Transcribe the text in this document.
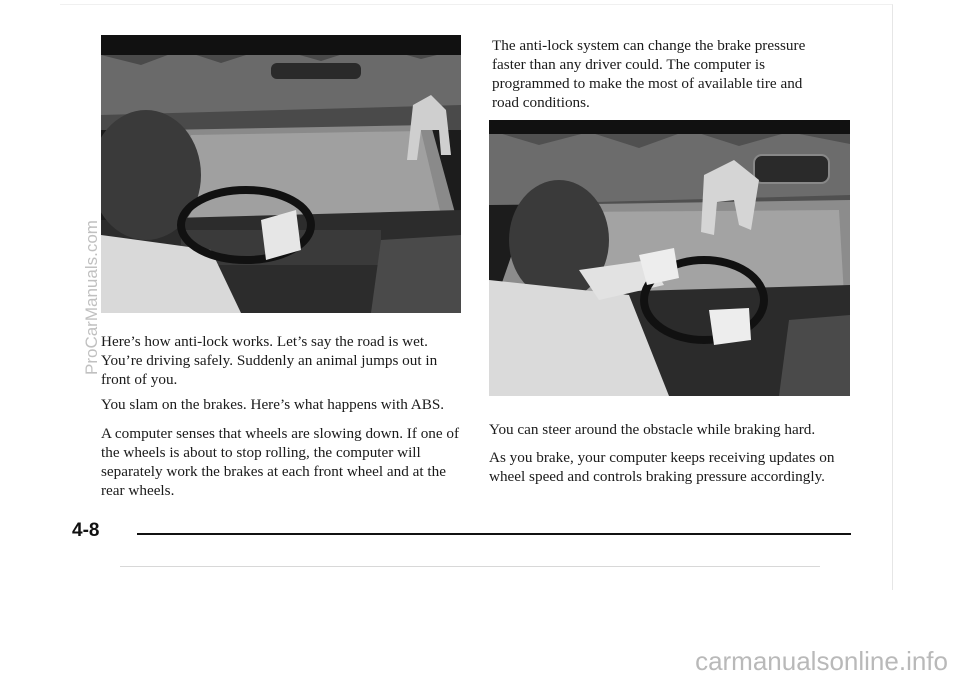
The anti-lock system can change the brake pressure faster than any driver could. The computer is programmed to make the most of available tire and road conditions.

Here’s how anti-lock works. Let’s say the road is wet. You’re driving safely. Suddenly an animal jumps out in front of you.

You slam on the brakes. Here’s what happens with ABS.

A computer senses that wheels are slowing down. If one of the wheels is about to stop rolling, the computer will separately work the brakes at each front wheel and at the rear wheels.

You can steer around the obstacle while braking hard.

As you brake, your computer keeps receiving updates on wheel speed and controls braking pressure accordingly.

4-8
ProCarManuals.com
carmanualsonline.info
